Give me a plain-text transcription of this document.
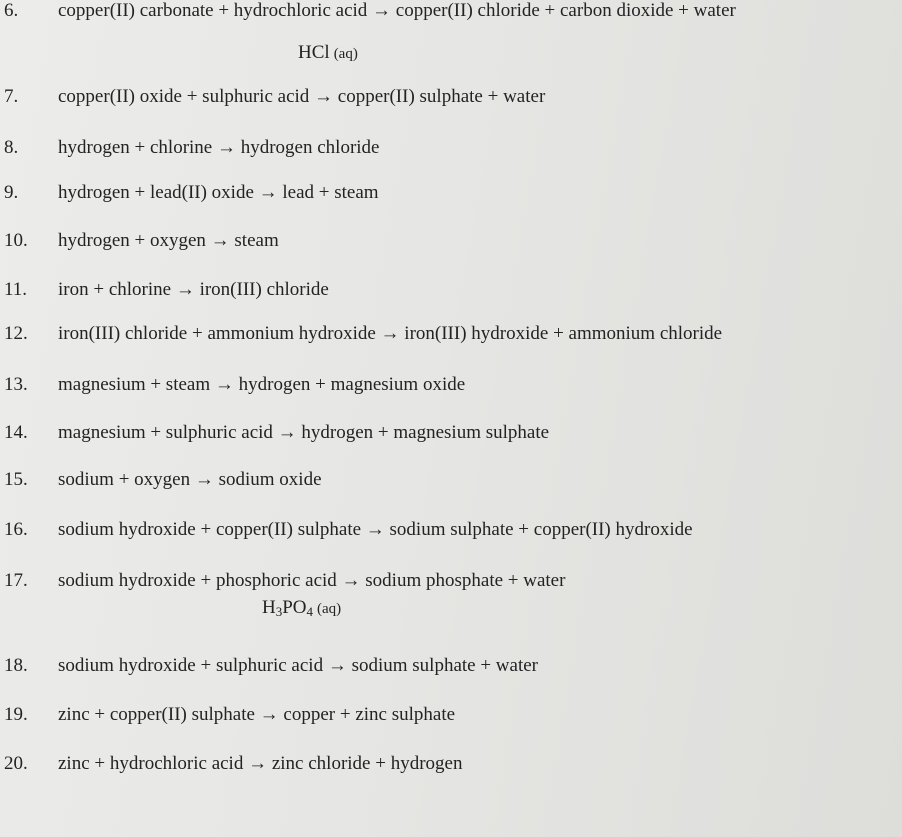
6. copper(II) carbonate + hydrochloric acid → copper(II) chloride + carbon dioxide + water
HCl (aq)
7. copper(II) oxide + sulphuric acid → copper(II) sulphate + water
8. hydrogen + chlorine → hydrogen chloride
9. hydrogen + lead(II) oxide → lead + steam
10. hydrogen + oxygen → steam
11. iron + chlorine → iron(III) chloride
12. iron(III) chloride + ammonium hydroxide → iron(III) hydroxide + ammonium chloride
13. magnesium + steam → hydrogen + magnesium oxide
14. magnesium + sulphuric acid → hydrogen + magnesium sulphate
15. sodium + oxygen → sodium oxide
16. sodium hydroxide + copper(II) sulphate → sodium sulphate + copper(II) hydroxide
17. sodium hydroxide + phosphoric acid → sodium phosphate + water
$H_3PO_4$ (aq)
18. sodium hydroxide + sulphuric acid → sodium sulphate + water
19. zinc + copper(II) sulphate → copper + zinc sulphate
20. zinc + hydrochloric acid → zinc chloride + hydrogen
